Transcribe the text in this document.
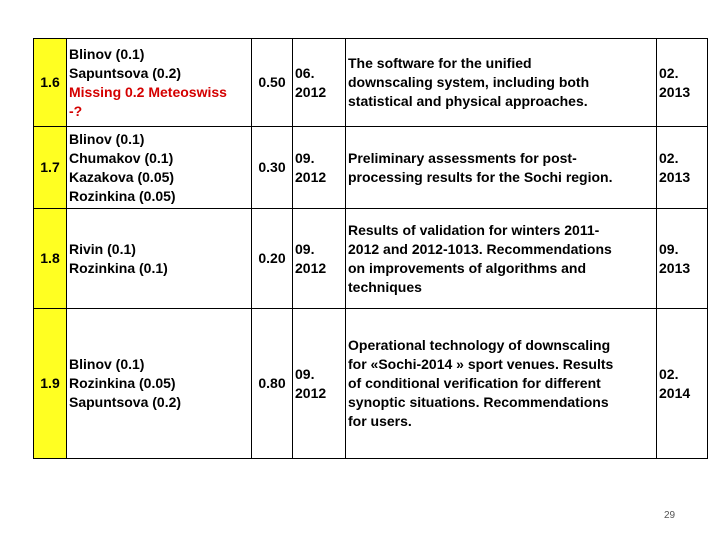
1.6	Blinov (0.1)
Sapuntsova (0.2)
Missing 0.2 Meteoswiss
-?	0.50	06.
2012	The software for the unified
downscaling system, including both
statistical and physical approaches.	02.
2013

1.7	Blinov (0.1)
Chumakov (0.1)
Kazakova (0.05)
Rozinkina (0.05)	0.30	09.
2012	Preliminary assessments for post-
processing results for the Sochi region.	02.
2013

1.8	Rivin (0.1)
Rozinkina (0.1)	0.20	09.
2012	Results of validation for winters 2011-
2012 and 2012-1013. Recommendations
on improvements of algorithms and
techniques	09.
2013

1.9	Blinov (0.1)
Rozinkina (0.05)
Sapuntsova (0.2)	0.80	09.
2012	Operational technology of downscaling
for «Sochi-2014 » sport venues. Results
of conditional verification for different
synoptic situations. Recommendations
for users.	02.
2014
29
